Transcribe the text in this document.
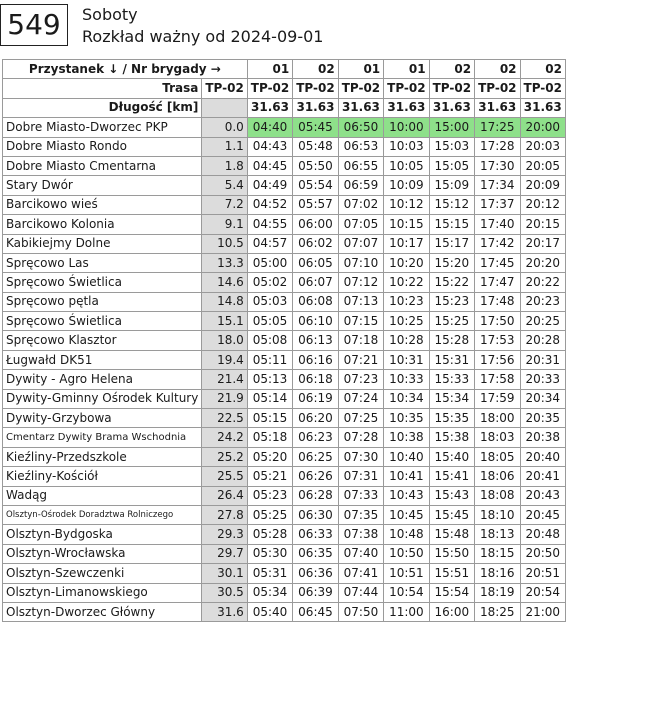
549	Soboty
Rozkład ważny od 2024-09-01
Przystanek ↓ / Nr brygady →		01	02	01	01	02	02	02
Trasa	TP-02	TP-02	TP-02	TP-02	TP-02	TP-02	TP-02	TP-02
Długość [km]		31.63	31.63	31.63	31.63	31.63	31.63	31.63
Dobre Miasto-Dworzec PKP	0.0	04:40	05:45	06:50	10:00	15:00	17:25	20:00
Dobre Miasto Rondo	1.1	04:43	05:48	06:53	10:03	15:03	17:28	20:03
Dobre Miasto Cmentarna	1.8	04:45	05:50	06:55	10:05	15:05	17:30	20:05
Stary Dwór	5.4	04:49	05:54	06:59	10:09	15:09	17:34	20:09
Barcikowo wieś	7.2	04:52	05:57	07:02	10:12	15:12	17:37	20:12
Barcikowo Kolonia	9.1	04:55	06:00	07:05	10:15	15:15	17:40	20:15
Kabikiejmy Dolne	10.5	04:57	06:02	07:07	10:17	15:17	17:42	20:17
Spręcowo Las	13.3	05:00	06:05	07:10	10:20	15:20	17:45	20:20
Spręcowo Świetlica	14.6	05:02	06:07	07:12	10:22	15:22	17:47	20:22
Spręcowo pętla	14.8	05:03	06:08	07:13	10:23	15:23	17:48	20:23
Spręcowo Świetlica	15.1	05:05	06:10	07:15	10:25	15:25	17:50	20:25
Spręcowo Klasztor	18.0	05:08	06:13	07:18	10:28	15:28	17:53	20:28
Ługwałd DK51	19.4	05:11	06:16	07:21	10:31	15:31	17:56	20:31
Dywity - Agro Helena	21.4	05:13	06:18	07:23	10:33	15:33	17:58	20:33
Dywity-Gminny Ośrodek Kultury	21.9	05:14	06:19	07:24	10:34	15:34	17:59	20:34
Dywity-Grzybowa	22.5	05:15	06:20	07:25	10:35	15:35	18:00	20:35
Cmentarz Dywity Brama Wschodnia	24.2	05:18	06:23	07:28	10:38	15:38	18:03	20:38
Kieźliny-Przedszkole	25.2	05:20	06:25	07:30	10:40	15:40	18:05	20:40
Kieźliny-Kościół	25.5	05:21	06:26	07:31	10:41	15:41	18:06	20:41
Wadąg	26.4	05:23	06:28	07:33	10:43	15:43	18:08	20:43
Olsztyn-Ośrodek Doradztwa Rolniczego	27.8	05:25	06:30	07:35	10:45	15:45	18:10	20:45
Olsztyn-Bydgoska	29.3	05:28	06:33	07:38	10:48	15:48	18:13	20:48
Olsztyn-Wrocławska	29.7	05:30	06:35	07:40	10:50	15:50	18:15	20:50
Olsztyn-Szewczenki	30.1	05:31	06:36	07:41	10:51	15:51	18:16	20:51
Olsztyn-Limanowskiego	30.5	05:34	06:39	07:44	10:54	15:54	18:19	20:54
Olsztyn-Dworzec Główny	31.6	05:40	06:45	07:50	11:00	16:00	18:25	21:00
